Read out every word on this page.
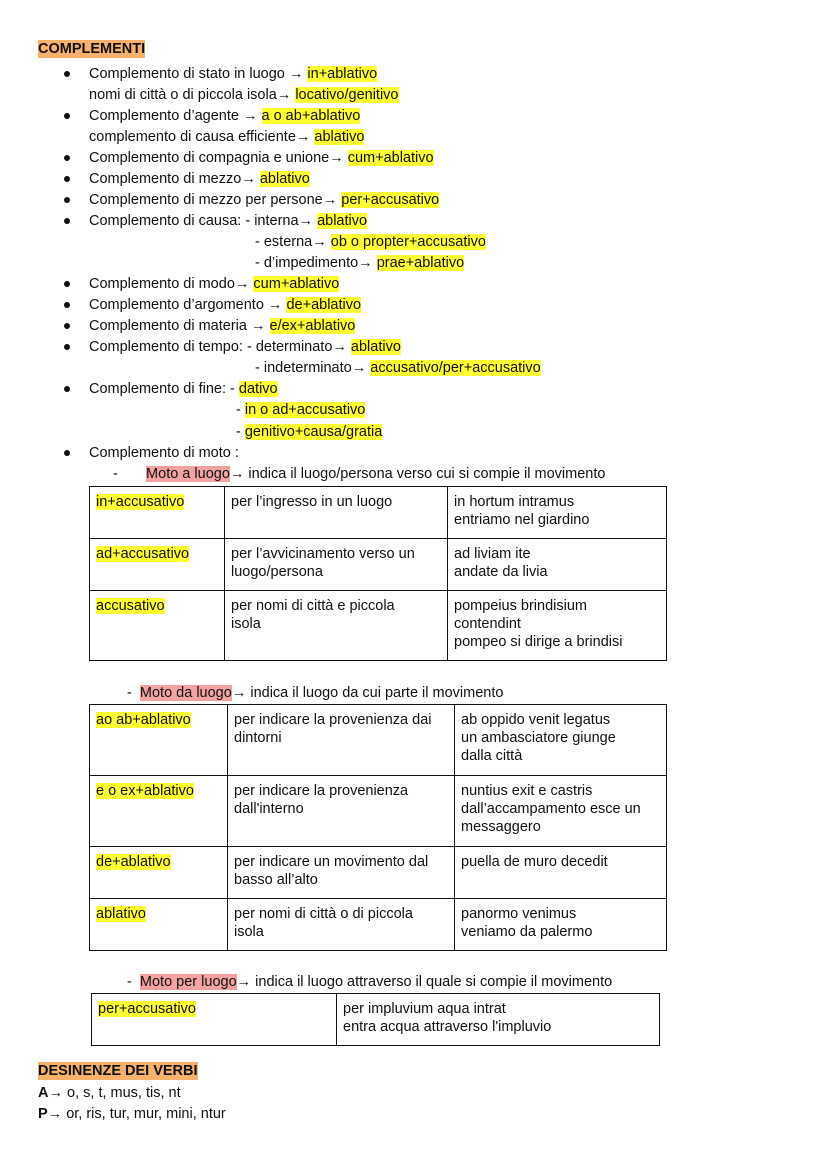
COMPLEMENTI
Complemento di stato in luogo → in+ablativo
nomi di città o di piccola isola→ locativo/genitivo
Complemento d’agente → a o ab+ablativo
complemento di causa efficiente→ ablativo
Complemento di compagnia e unione→ cum+ablativo
Complemento di mezzo→ ablativo
Complemento di mezzo per persone→ per+accusativo
Complemento di causa: - interna→ ablativo
- esterna→ ob o propter+accusativo
- d’impedimento→ prae+ablativo
Complemento di modo→ cum+ablativo
Complemento d’argomento → de+ablativo
Complemento di materia → e/ex+ablativo
Complemento di tempo: - determinato→ ablativo
- indeterminato→ accusativo/per+accusativo
Complemento di fine: - dativo
- in o ad+accusativo
- genitivo+causa/gratia
Complemento di moto :
- Moto a luogo→ indica il luogo/persona verso cui si compie il movimento
in+accusativo	per l’ingresso in un luogo	in hortum intramus
entriamo nel giardino
ad+accusativo	per l’avvicinamento verso un
luogo/persona	ad liviam ite
andate da livia
accusativo	per nomi di città e piccola
isola	pompeius brindisium
contendint
pompeo si dirige a brindisi
- Moto da luogo→ indica il luogo da cui parte il movimento
ao ab+ablativo	per indicare la provenienza dai
dintorni	ab oppido venit legatus
un ambasciatore giunge
dalla città
e o ex+ablativo	per indicare la provenienza
dall'interno	nuntius exit e castris
dall’accampamento esce un
messaggero
de+ablativo	per indicare un movimento dal
basso all’alto	puella de muro decedit
ablativo	per nomi di città o di piccola
isola	panormo venimus
veniamo da palermo
- Moto per luogo→ indica il luogo attraverso il quale si compie il movimento
per+accusativo	per impluvium aqua intrat
entra acqua attraverso l'impluvio
DESINENZE DEI VERBI
A→ o, s, t, mus, tis, nt
P→ or, ris, tur, mur, mini, ntur
